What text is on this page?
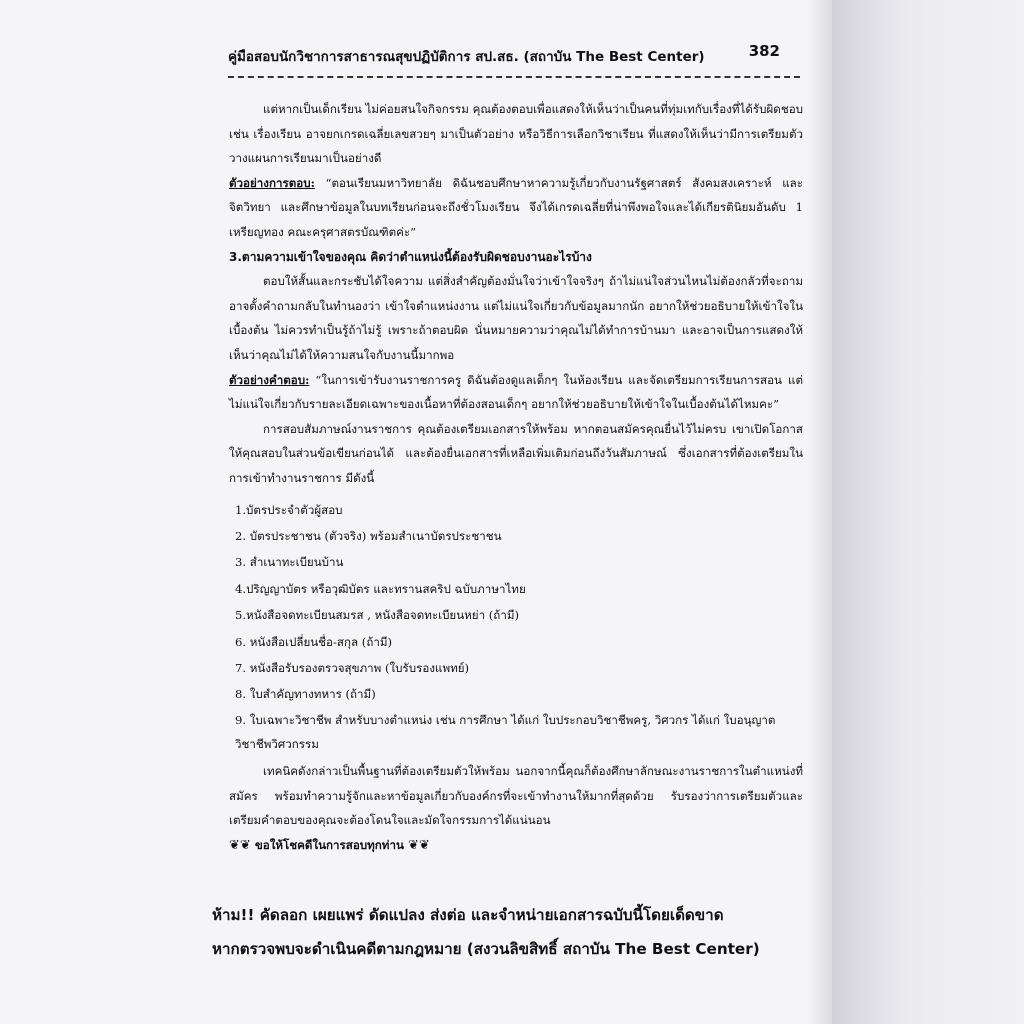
คู่มือสอบนักวิชาการสาธารณสุขปฏิบัติการ สป.สธ. (สถาบัน The Best Center)	382

แต่หากเป็นเด็กเรียน ไม่ค่อยสนใจกิจกรรม คุณต้องตอบเพื่อแสดงให้เห็นว่าเป็นคนที่ทุ่มเทกับเรื่องที่ได้รับผิดชอบ เช่น เรื่องเรียน อาจยกเกรดเฉลี่ยเลขสวยๆ มาเป็นตัวอย่าง หรือวิธีการเลือกวิชาเรียน ที่แสดงให้เห็นว่ามีการเตรียมตัว วางแผนการเรียนมาเป็นอย่างดี

ตัวอย่างการตอบ: “ตอนเรียนมหาวิทยาลัย ดิฉันชอบศึกษาหาความรู้เกี่ยวกับงานรัฐศาสตร์ สังคมสงเคราะห์ และจิตวิทยา และศึกษาข้อมูลในบทเรียนก่อนจะถึงชั่วโมงเรียน จึงได้เกรดเฉลี่ยที่น่าพึงพอใจและได้เกียรตินิยมอันดับ 1 เหรียญทอง คณะครุศาสตรบัณฑิตค่ะ”

3.ตามความเข้าใจของคุณ คิดว่าตำแหน่งนี้ต้องรับผิดชอบงานอะไรบ้าง

ตอบให้สั้นและกระชับได้ใจความ แต่สิ่งสำคัญต้องมั่นใจว่าเข้าใจจริงๆ ถ้าไม่แน่ใจส่วนไหนไม่ต้องกลัวที่จะถาม อาจตั้งคำถามกลับในทำนองว่า เข้าใจตำแหน่งงาน แต่ไม่แน่ใจเกี่ยวกับข้อมูลมากนัก อยากให้ช่วยอธิบายให้เข้าใจในเบื้องต้น ไม่ควรทำเป็นรู้ถ้าไม่รู้ เพราะถ้าตอบผิด นั่นหมายความว่าคุณไม่ได้ทำการบ้านมา และอาจเป็นการแสดงให้เห็นว่าคุณไม่ได้ให้ความสนใจกับงานนี้มากพอ

ตัวอย่างคำตอบ: “ในการเข้ารับงานราชการครู ดิฉันต้องดูแลเด็กๆ ในห้องเรียน และจัดเตรียมการเรียนการสอน แต่ไม่แน่ใจเกี่ยวกับรายละเอียดเฉพาะของเนื้อหาที่ต้องสอนเด็กๆ อยากให้ช่วยอธิบายให้เข้าใจในเบื้องต้นได้ไหมคะ”

การสอบสัมภาษณ์งานราชการ คุณต้องเตรียมเอกสารให้พร้อม หากตอนสมัครคุณยื่นไว้ไม่ครบ เขาเปิดโอกาสให้คุณสอบในส่วนข้อเขียนก่อนได้ และต้องยื่นเอกสารที่เหลือเพิ่มเติมก่อนถึงวันสัมภาษณ์ ซึ่งเอกสารที่ต้องเตรียมในการเข้าทำงานราชการ มีดังนี้

1.บัตรประจำตัวผู้สอบ
2. บัตรประชาชน (ตัวจริง) พร้อมสำเนาบัตรประชาชน
3. สำเนาทะเบียนบ้าน
4.ปริญญาบัตร หรือวุฒิบัตร และทรานสคริป ฉบับภาษาไทย
5.หนังสือจดทะเบียนสมรส , หนังสือจดทะเบียนหย่า (ถ้ามี)
6. หนังสือเปลี่ยนชื่อ-สกุล (ถ้ามี)
7. หนังสือรับรองตรวจสุขภาพ (ใบรับรองแพทย์)
8. ใบสำคัญทางทหาร (ถ้ามี)
9. ใบเฉพาะวิชาชีพ สำหรับบางตำแหน่ง เช่น การศึกษา ได้แก่ ใบประกอบวิชาชีพครู, วิศวกร ได้แก่ ใบอนุญาตวิชาชีพวิศวกรรม

เทคนิคดังกล่าวเป็นพื้นฐานที่ต้องเตรียมตัวให้พร้อม นอกจากนี้คุณก็ต้องศึกษาลักษณะงานราชการในตำแหน่งที่สมัคร พร้อมทำความรู้จักและหาข้อมูลเกี่ยวกับองค์กรที่จะเข้าทำงานให้มากที่สุดด้วย รับรองว่าการเตรียมตัวและเตรียมคำตอบของคุณจะต้องโดนใจและมัดใจกรรมการได้แน่นอน

❦❦ ขอให้โชคดีในการสอบทุกท่าน ❦❦

ห้าม!! คัดลอก เผยแพร่ ดัดแปลง ส่งต่อ และจำหน่ายเอกสารฉบับนี้โดยเด็ดขาด
หากตรวจพบจะดำเนินคดีตามกฎหมาย (สงวนลิขสิทธิ์ สถาบัน The Best Center)
